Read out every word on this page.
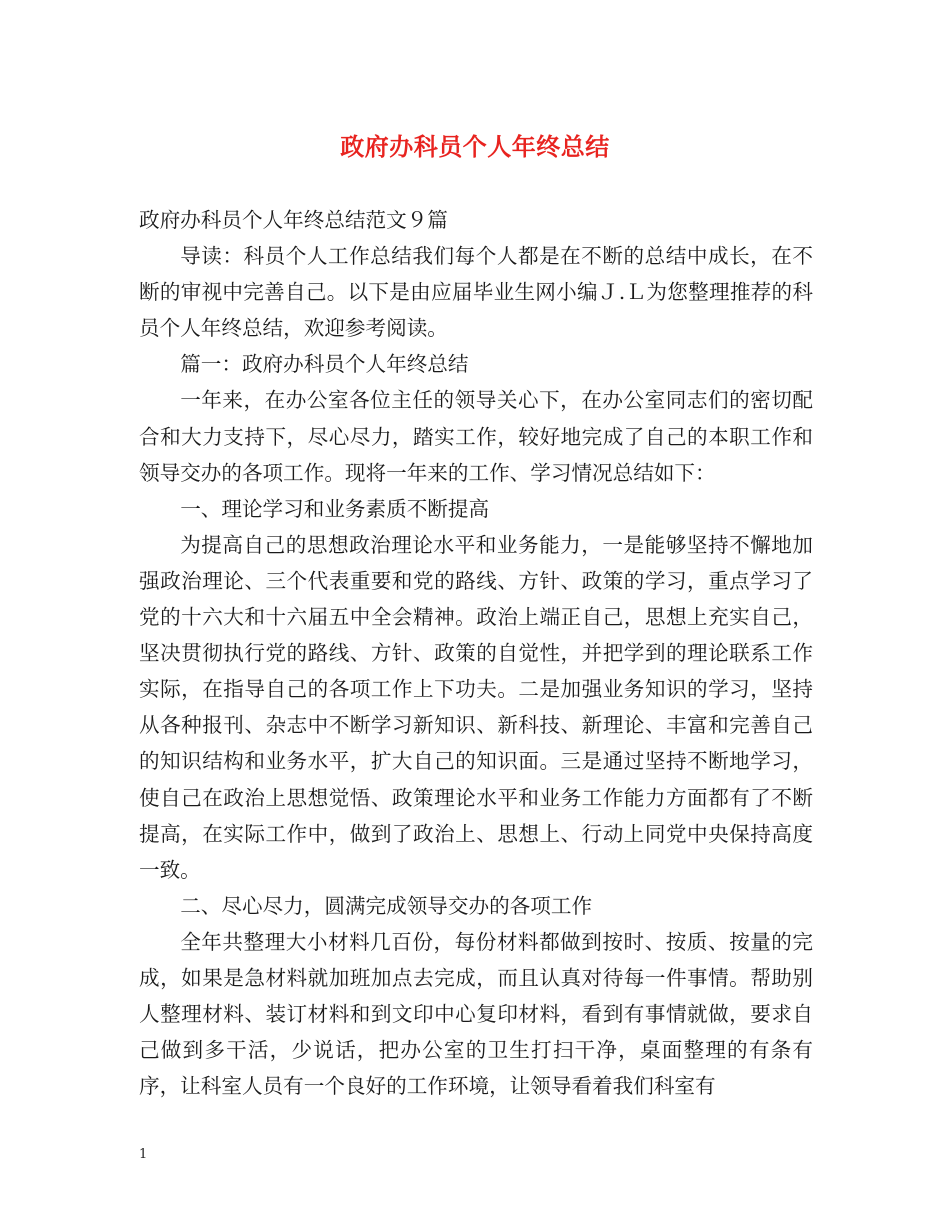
政府办科员个人年终总结

政府办科员个人年终总结范文９篇

导读：科员个人工作总结我们每个人都是在不断的总结中成长，在不断的审视中完善自己。以下是由应届毕业生网小编Ｊ.Ｌ为您整理推荐的科员个人年终总结，欢迎参考阅读。

篇一：政府办科员个人年终总结

一年来，在办公室各位主任的领导关心下，在办公室同志们的密切配合和大力支持下，尽心尽力，踏实工作，较好地完成了自己的本职工作和领导交办的各项工作。现将一年来的工作、学习情况总结如下：

一、理论学习和业务素质不断提高

为提高自己的思想政治理论水平和业务能力，一是能够坚持不懈地加强政治理论、三个代表重要和党的路线、方针、政策的学习，重点学习了党的十六大和十六届五中全会精神。政治上端正自己，思想上充实自己，坚决贯彻执行党的路线、方针、政策的自觉性，并把学到的理论联系工作实际，在指导自己的各项工作上下功夫。二是加强业务知识的学习，坚持从各种报刊、杂志中不断学习新知识、新科技、新理论、丰富和完善自己的知识结构和业务水平，扩大自己的知识面。三是通过坚持不断地学习，使自己在政治上思想觉悟、政策理论水平和业务工作能力方面都有了不断提高，在实际工作中，做到了政治上、思想上、行动上同党中央保持高度一致。

二、尽心尽力，圆满完成领导交办的各项工作

全年共整理大小材料几百份，每份材料都做到按时、按质、按量的完成，如果是急材料就加班加点去完成，而且认真对待每一件事情。帮助别人整理材料、装订材料和到文印中心复印材料，看到有事情就做，要求自己做到多干活，少说话，把办公室的卫生打扫干净，桌面整理的有条有序，让科室人员有一个良好的工作环境，让领导看着我们科室有

1
